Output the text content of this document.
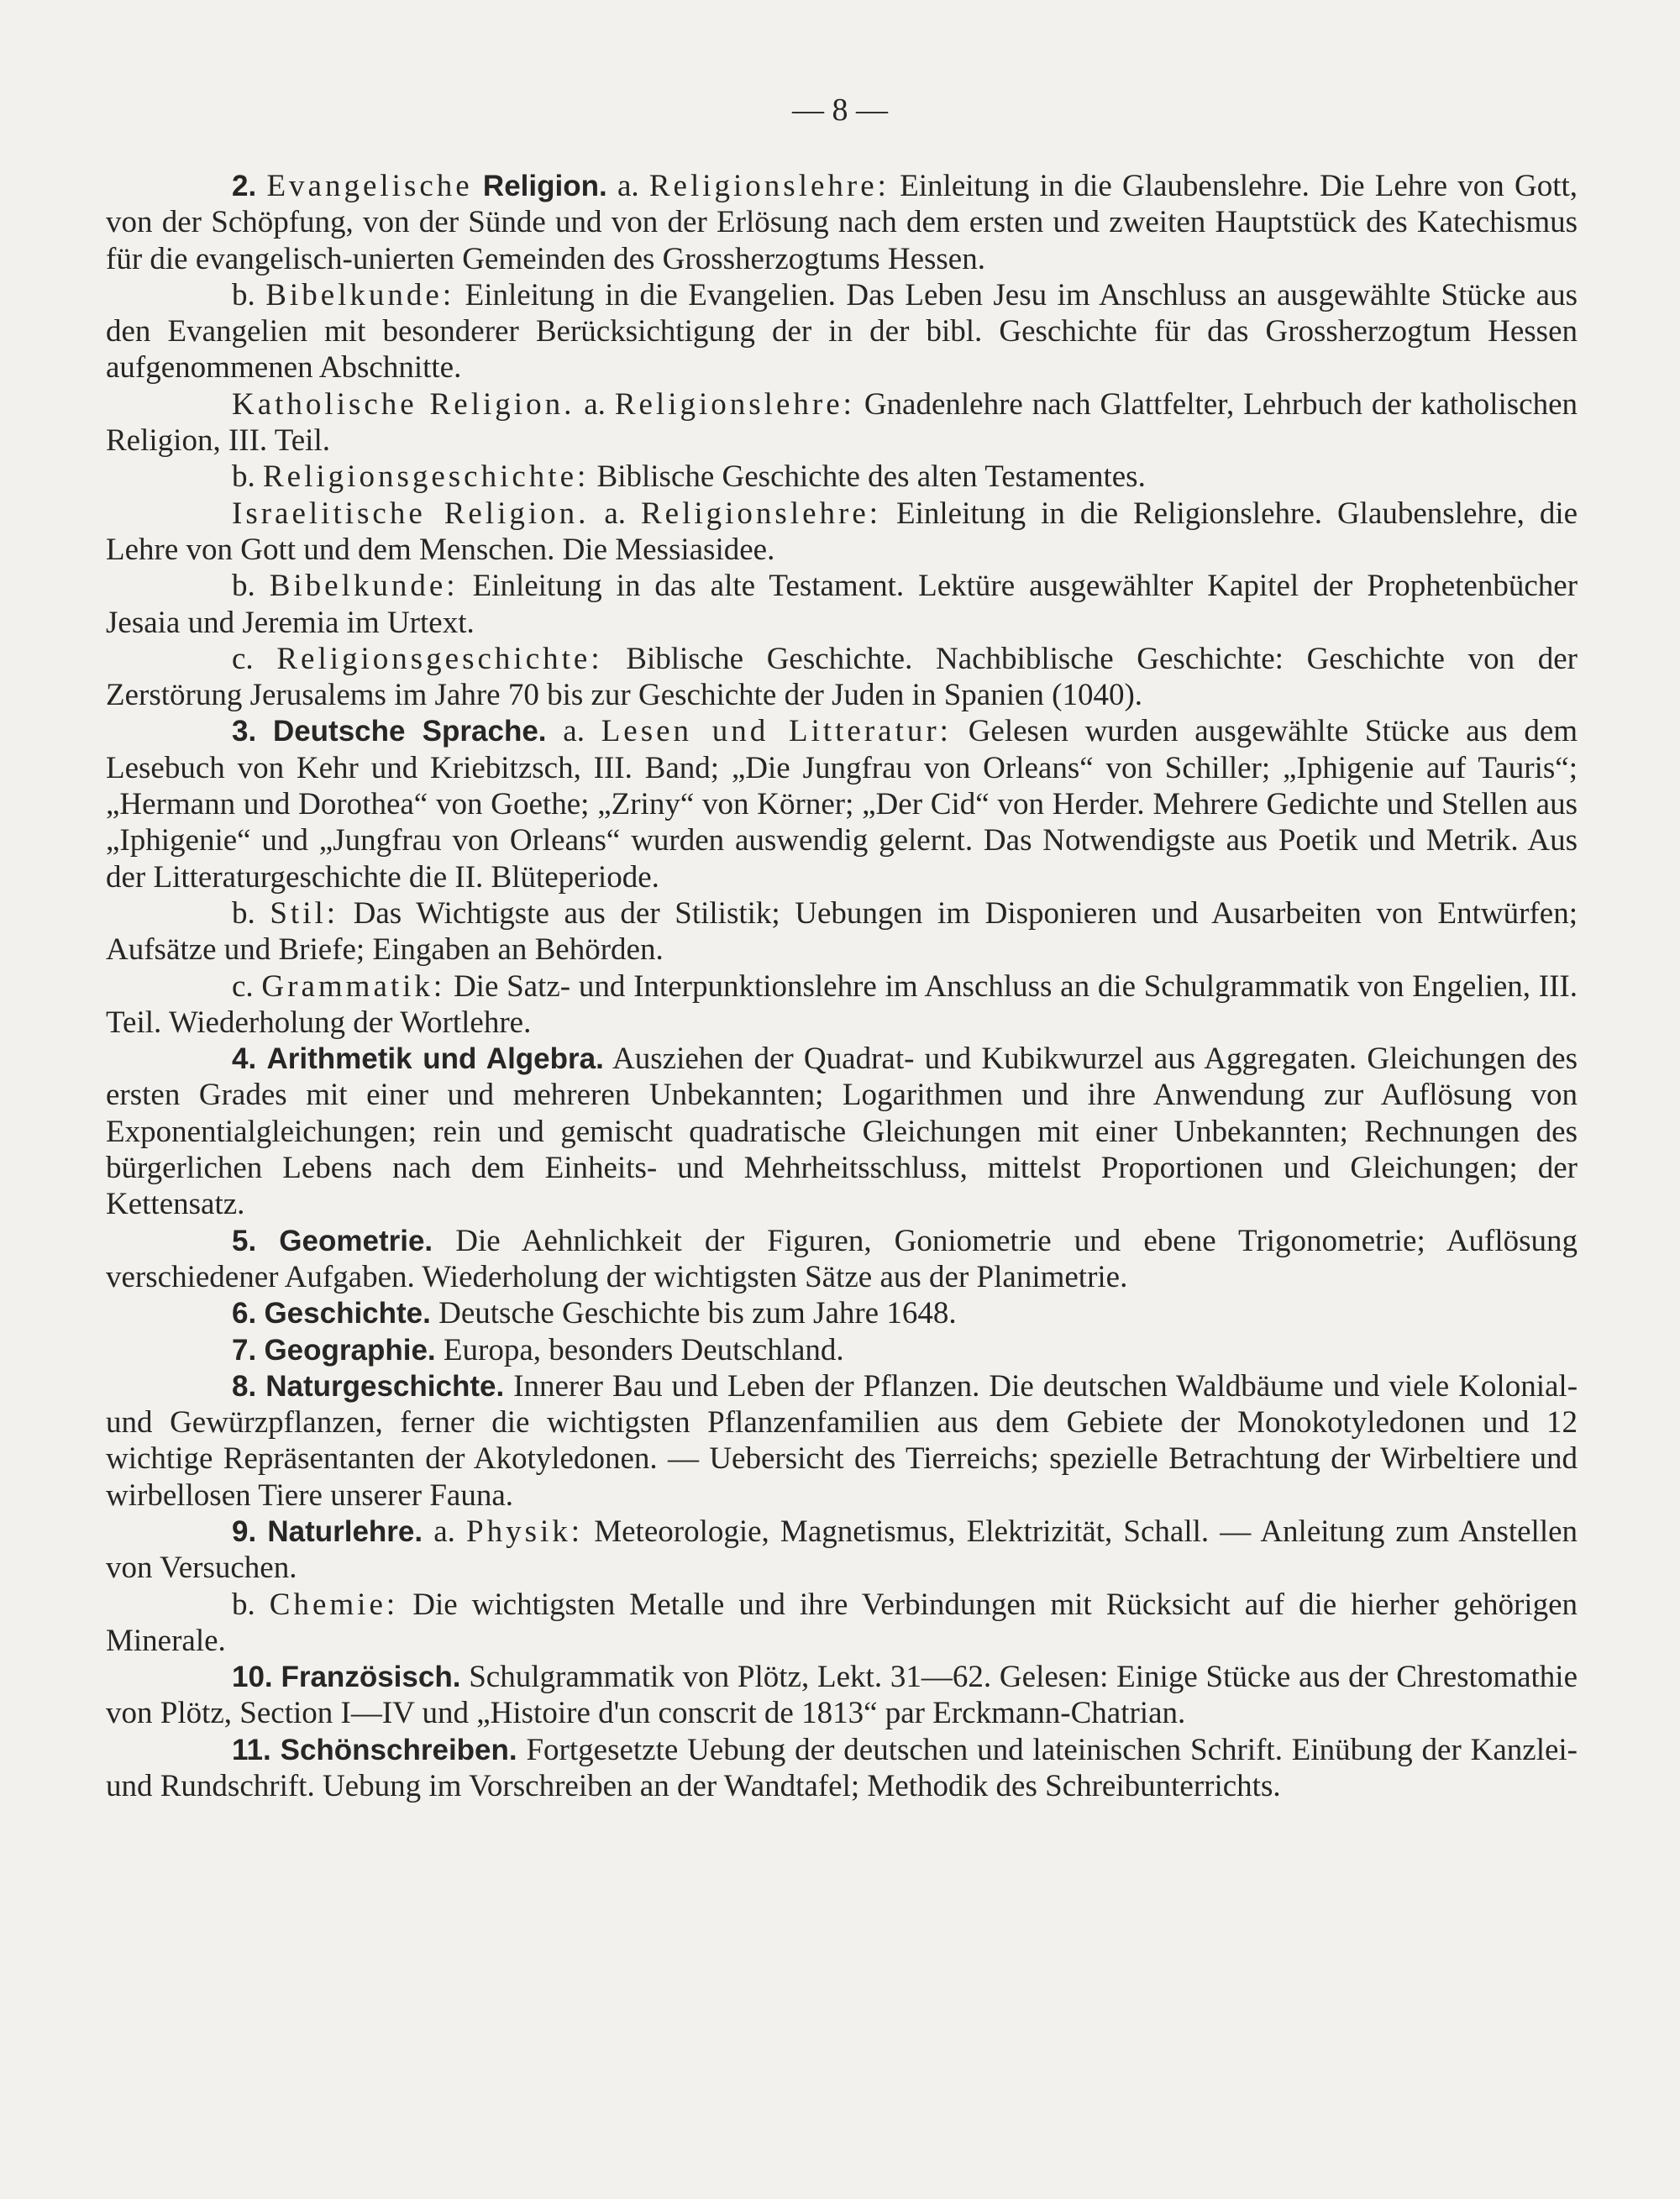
— 8 —

2. Evangelische Religion. a. Religionslehre: Einleitung in die Glaubenslehre. Die Lehre von Gott, von der Schöpfung, von der Sünde und von der Erlösung nach dem ersten und zweiten Hauptstück des Katechismus für die evangelisch-unierten Gemeinden des Grossherzogtums Hessen.

b. Bibelkunde: Einleitung in die Evangelien. Das Leben Jesu im Anschluss an ausgewählte Stücke aus den Evangelien mit besonderer Berücksichtigung der in der bibl. Geschichte für das Grossherzogtum Hessen aufgenommenen Abschnitte.

Katholische Religion. a. Religionslehre: Gnadenlehre nach Glattfelter, Lehrbuch der katholischen Religion, III. Teil.

b. Religionsgeschichte: Biblische Geschichte des alten Testamentes.

Israelitische Religion. a. Religionslehre: Einleitung in die Religionslehre. Glaubenslehre, die Lehre von Gott und dem Menschen. Die Messiasidee.

b. Bibelkunde: Einleitung in das alte Testament. Lektüre ausgewählter Kapitel der Prophetenbücher Jesaia und Jeremia im Urtext.

c. Religionsgeschichte: Biblische Geschichte. Nachbiblische Geschichte: Geschichte von der Zerstörung Jerusalems im Jahre 70 bis zur Geschichte der Juden in Spanien (1040).

3. Deutsche Sprache. a. Lesen und Litteratur: Gelesen wurden ausgewählte Stücke aus dem Lesebuch von Kehr und Kriebitzsch, III. Band; „Die Jungfrau von Orleans“ von Schiller; „Iphigenie auf Tauris“; „Hermann und Dorothea“ von Goethe; „Zriny“ von Körner; „Der Cid“ von Herder. Mehrere Gedichte und Stellen aus „Iphigenie“ und „Jungfrau von Orleans“ wurden auswendig gelernt. Das Notwendigste aus Poetik und Metrik. Aus der Litteraturgeschichte die II. Blüteperiode.

b. Stil: Das Wichtigste aus der Stilistik; Uebungen im Disponieren und Ausarbeiten von Entwürfen; Aufsätze und Briefe; Eingaben an Behörden.

c. Grammatik: Die Satz- und Interpunktionslehre im Anschluss an die Schulgrammatik von Engelien, III. Teil. Wiederholung der Wortlehre.

4. Arithmetik und Algebra. Ausziehen der Quadrat- und Kubikwurzel aus Aggregaten. Gleichungen des ersten Grades mit einer und mehreren Unbekannten; Logarithmen und ihre Anwendung zur Auflösung von Exponentialgleichungen; rein und gemischt quadratische Gleichungen mit einer Unbekannten; Rechnungen des bürgerlichen Lebens nach dem Einheits- und Mehrheitsschluss, mittelst Proportionen und Gleichungen; der Kettensatz.

5. Geometrie. Die Aehnlichkeit der Figuren, Goniometrie und ebene Trigonometrie; Auflösung verschiedener Aufgaben. Wiederholung der wichtigsten Sätze aus der Planimetrie.

6. Geschichte. Deutsche Geschichte bis zum Jahre 1648.

7. Geographie. Europa, besonders Deutschland.

8. Naturgeschichte. Innerer Bau und Leben der Pflanzen. Die deutschen Waldbäume und viele Kolonial- und Gewürzpflanzen, ferner die wichtigsten Pflanzenfamilien aus dem Gebiete der Monokotyledonen und 12 wichtige Repräsentanten der Akotyledonen. — Uebersicht des Tierreichs; spezielle Betrachtung der Wirbeltiere und wirbellosen Tiere unserer Fauna.

9. Naturlehre. a. Physik: Meteorologie, Magnetismus, Elektrizität, Schall. — Anleitung zum Anstellen von Versuchen.

b. Chemie: Die wichtigsten Metalle und ihre Verbindungen mit Rücksicht auf die hierher gehörigen Minerale.

10. Französisch. Schulgrammatik von Plötz, Lekt. 31—62. Gelesen: Einige Stücke aus der Chrestomathie von Plötz, Section I—IV und „Histoire d'un conscrit de 1813“ par Erckmann-Chatrian.

11. Schönschreiben. Fortgesetzte Uebung der deutschen und lateinischen Schrift. Einübung der Kanzlei- und Rundschrift. Uebung im Vorschreiben an der Wandtafel; Methodik des Schreibunterrichts.
